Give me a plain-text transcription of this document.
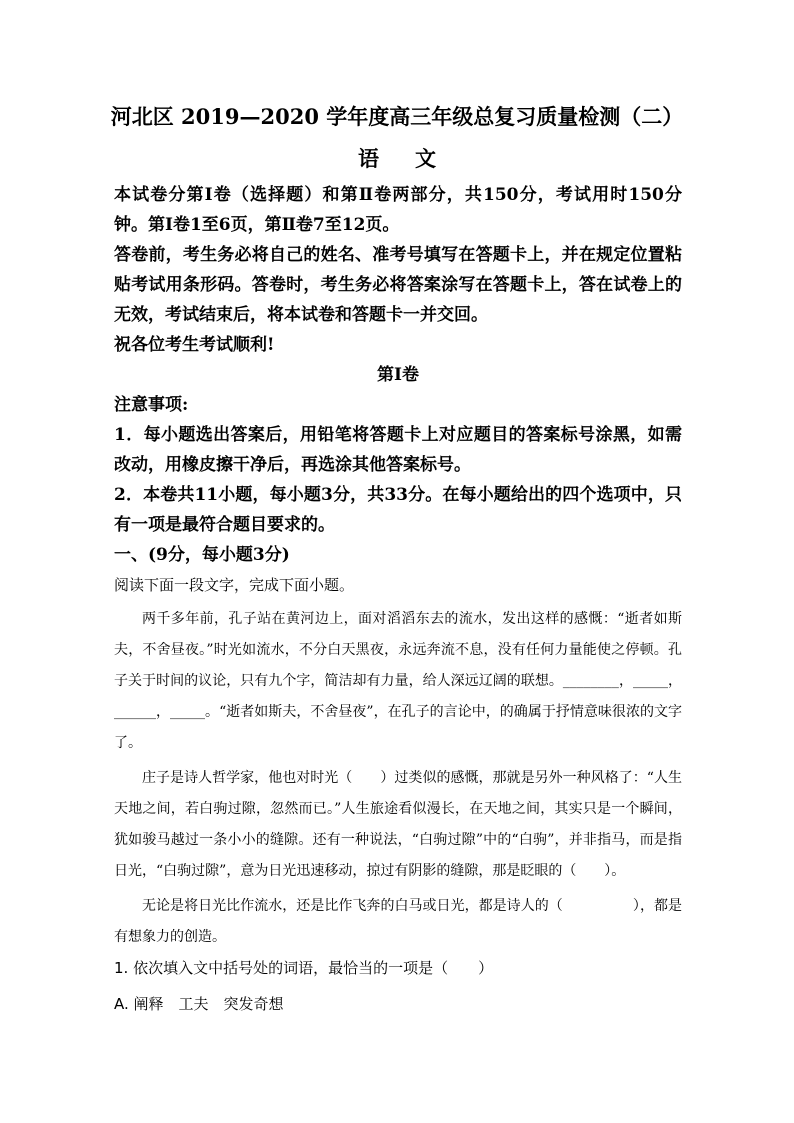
河北区 2019—2020 学年度高三年级总复习质量检测（二）
语文

本试卷分第Ⅰ卷（选择题）和第Ⅱ卷两部分，共150分，考试用时150分钟。第Ⅰ卷1至6页，第Ⅱ卷7至12页。

答卷前，考生务必将自己的姓名、准考号填写在答题卡上，并在规定位置粘贴考试用条形码。答卷时，考生务必将答案涂写在答题卡上，答在试卷上的无效，考试结束后，将本试卷和答题卡一并交回。

祝各位考生考试顺利!

第Ⅰ卷

注意事项:

1．每小题选出答案后，用铅笔将答题卡上对应题目的答案标号涂黑，如需改动，用橡皮擦干净后，再选涂其他答案标号。

2．本卷共11小题，每小题3分，共33分。在每小题给出的四个选项中，只有一项是最符合题目要求的。

一、(9分，每小题3分)

阅读下面一段文字，完成下面小题。

两千多年前，孔子站在黄河边上，面对滔滔东去的流水，发出这样的感慨：“逝者如斯夫，不舍昼夜。”时光如流水，不分白天黑夜，永远奔流不息，没有任何力量能使之停顿。孔子关于时间的议论，只有九个字，简洁却有力量，给人深远辽阔的联想。________，_____，______，_____。“逝者如斯夫，不舍昼夜”，在孔子的言论中，的确属于抒情意味很浓的文字了。

庄子是诗人哲学家，他也对时光（　　）过类似的感慨，那就是另外一种风格了：“人生天地之间，若白驹过隙，忽然而已。”人生旅途看似漫长，在天地之间，其实只是一个瞬间，犹如骏马越过一条小小的缝隙。还有一种说法，“白驹过隙”中的“白驹”，并非指马，而是指日光，“白驹过隙”，意为日光迅速移动，掠过有阴影的缝隙，那是眨眼的（　　）。

无论是将日光比作流水，还是比作飞奔的白马或日光，都是诗人的（　　　　　），都是有想象力的创造。

1. 依次填入文中括号处的词语，最恰当的一项是（　　）

A. 阐释　工夫　突发奇想
